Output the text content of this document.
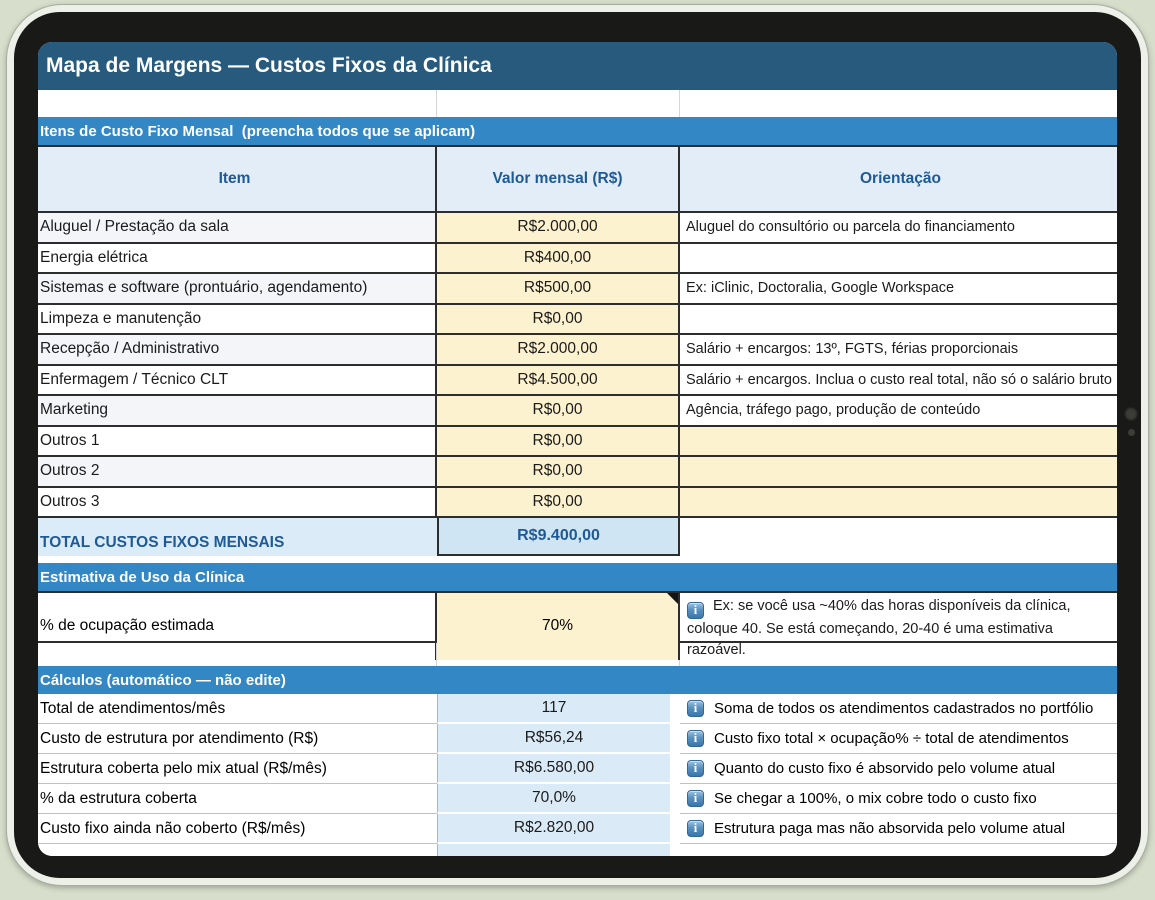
Mapa de Margens — Custos Fixos da Clínica
Itens de Custo Fixo Mensal  (preencha todos que se aplicam)
Item	Valor mensal (R$)	Orientação
Aluguel / Prestação da sala	R$2.000,00	Aluguel do consultório ou parcela do financiamento
Energia elétrica	R$400,00
Sistemas e software (prontuário, agendamento)	R$500,00	Ex: iClinic, Doctoralia, Google Workspace
Limpeza e manutenção	R$0,00
Recepção / Administrativo	R$2.000,00	Salário + encargos: 13º, FGTS, férias proporcionais
Enfermagem / Técnico CLT	R$4.500,00	Salário + encargos. Inclua o custo real total, não só o salário bruto
Marketing	R$0,00	Agência, tráfego pago, produção de conteúdo
Outros 1	R$0,00
Outros 2	R$0,00
Outros 3	R$0,00
TOTAL CUSTOS FIXOS MENSAIS	R$9.400,00
Estimativa de Uso da Clínica
% de ocupação estimada	70%
i Ex: se você usa ~40% das horas disponíveis da clínica, coloque 40. Se está começando, 20-40 é uma estimativa razoável.
Cálculos (automático — não edite)
Total de atendimentos/mês	117	i	Soma de todos os atendimentos cadastrados no portfólio
Custo de estrutura por atendimento (R$)	R$56,24	i	Custo fixo total × ocupação% ÷ total de atendimentos
Estrutura coberta pelo mix atual (R$/mês)	R$6.580,00	i	Quanto do custo fixo é absorvido pelo volume atual
% da estrutura coberta	70,0%	i	Se chegar a 100%, o mix cobre todo o custo fixo
Custo fixo ainda não coberto (R$/mês)	R$2.820,00	i	Estrutura paga mas não absorvida pelo volume atual
